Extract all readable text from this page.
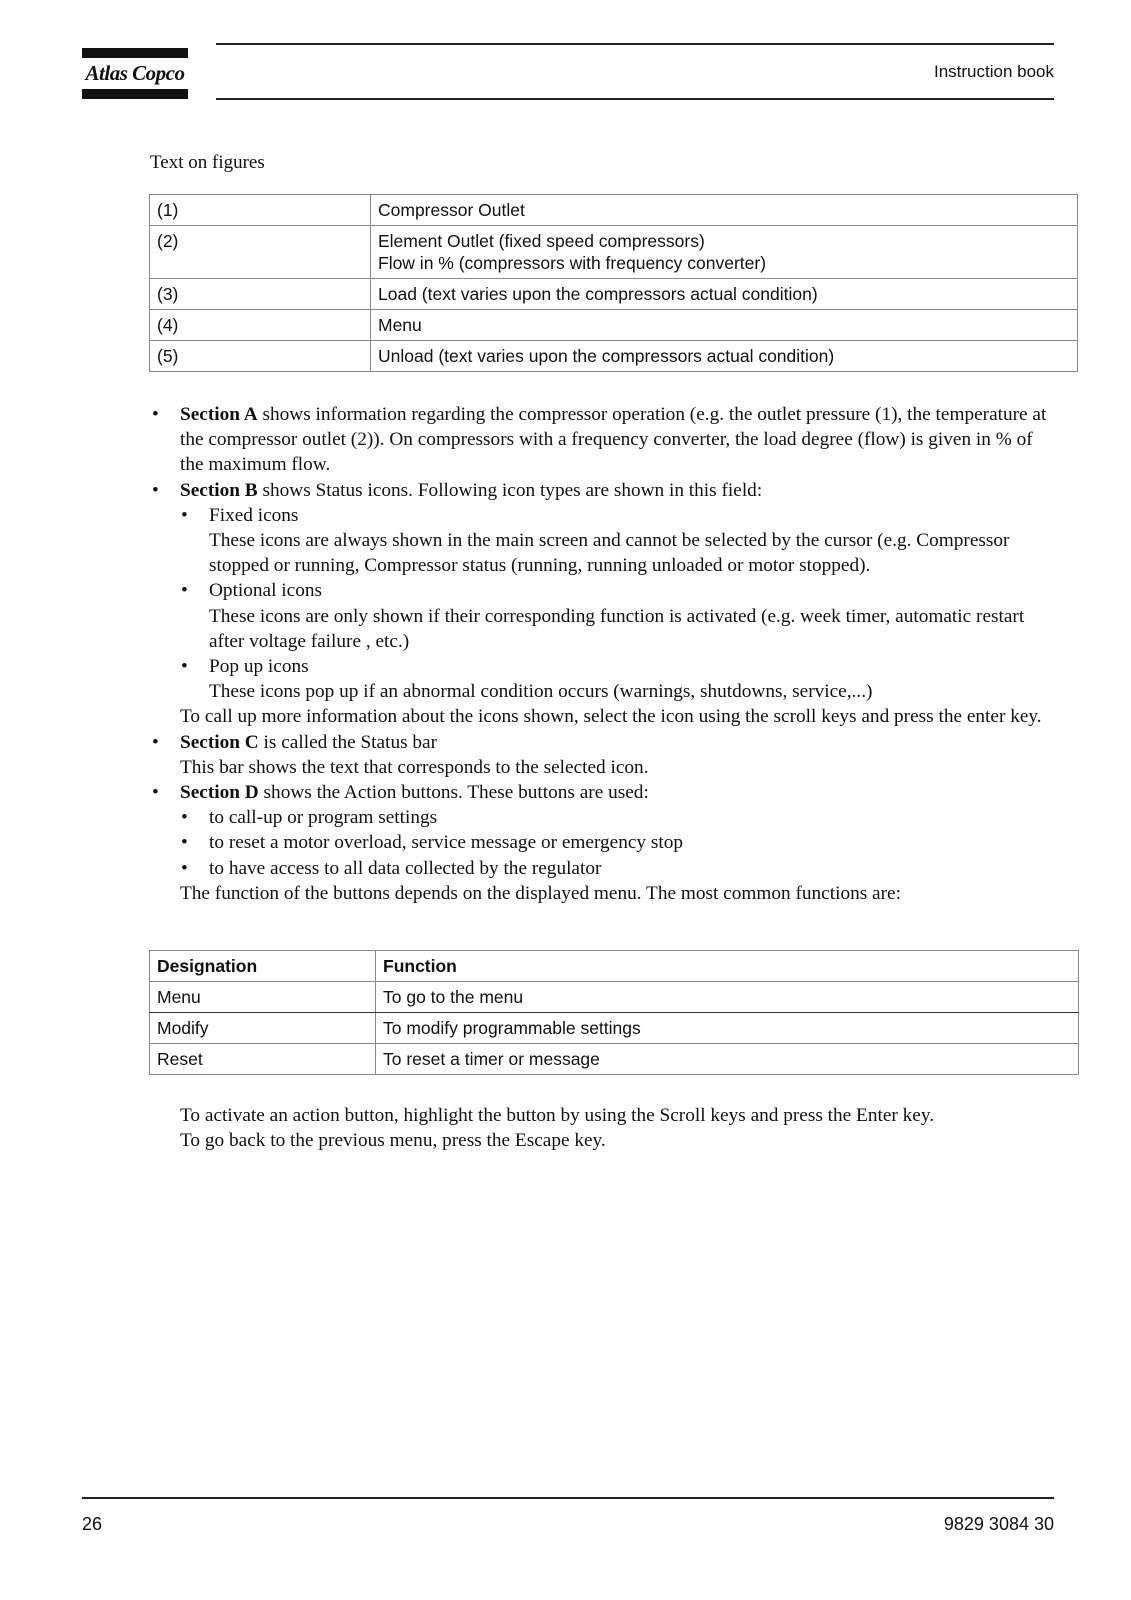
Atlas Copco	Instruction book
Text on figures
(1)	Compressor Outlet
(2)	Element Outlet (fixed speed compressors)
Flow in % (compressors with frequency converter)

(3)	Load (text varies upon the compressors actual condition)
(4)	Menu
(5)	Unload (text varies upon the compressors actual condition)
• Section A shows information regarding the compressor operation (e.g. the outlet pressure (1), the temperature at the compressor outlet (2)). On compressors with a frequency converter, the load degree (flow) is given in % of the maximum flow.
• Section B shows Status icons. Following icon types are shown in this field:
• Fixed icons
These icons are always shown in the main screen and cannot be selected by the cursor (e.g. Compressor stopped or running, Compressor status (running, running unloaded or motor stopped).
• Optional icons
These icons are only shown if their corresponding function is activated (e.g. week timer, automatic restart after voltage failure , etc.)
• Pop up icons
These icons pop up if an abnormal condition occurs (warnings, shutdowns, service,...)
To call up more information about the icons shown, select the icon using the scroll keys and press the enter key.
• Section C is called the Status bar
This bar shows the text that corresponds to the selected icon.
• Section D shows the Action buttons. These buttons are used:
• to call-up or program settings
• to reset a motor overload, service message or emergency stop
• to have access to all data collected by the regulator
The function of the buttons depends on the displayed menu. The most common functions are:
Designation	Function
Menu	To go to the menu
Modify	To modify programmable settings
Reset	To reset a timer or message
To activate an action button, highlight the button by using the Scroll keys and press the Enter key.
To go back to the previous menu, press the Escape key.
26	9829 3084 30
